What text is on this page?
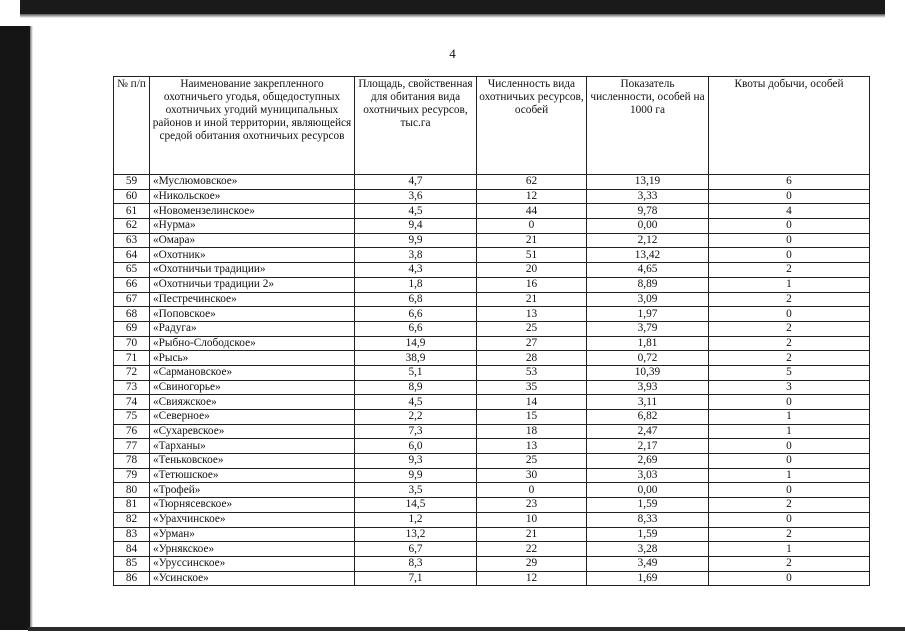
4
№ п/п	Наименование закрепленного охотничьего угодья, общедоступных охотничьих угодий муниципальных районов и иной территории, являющейся средой обитания охотничьих ресурсов	Площадь, свойственная для обитания вида охотничьих ресурсов, тыс.га	Численность вида охотничьих ресурсов, особей	Показатель численности, особей на 1000 га	Квоты добычи, особей
59	«Муслюмовское»	4,7	62	13,19	6
60	«Никольское»	3,6	12	3,33	0
61	«Новомензелинское»	4,5	44	9,78	4
62	«Нурма»	9,4	0	0,00	0
63	«Омара»	9,9	21	2,12	0
64	«Охотник»	3,8	51	13,42	0
65	«Охотничьи традиции»	4,3	20	4,65	2
66	«Охотничьи традиции 2»	1,8	16	8,89	1
67	«Пестречинское»	6,8	21	3,09	2
68	«Поповское»	6,6	13	1,97	0
69	«Радуга»	6,6	25	3,79	2
70	«Рыбно-Слободское»	14,9	27	1,81	2
71	«Рысь»	38,9	28	0,72	2
72	«Сармановское»	5,1	53	10,39	5
73	«Свиногорье»	8,9	35	3,93	3
74	«Свияжское»	4,5	14	3,11	0
75	«Северное»	2,2	15	6,82	1
76	«Сухаревское»	7,3	18	2,47	1
77	«Тарханы»	6,0	13	2,17	0
78	«Теньковское»	9,3	25	2,69	0
79	«Тетюшское»	9,9	30	3,03	1
80	«Трофей»	3,5	0	0,00	0
81	«Тюрнясевское»	14,5	23	1,59	2
82	«Урахчинское»	1,2	10	8,33	0
83	«Урман»	13,2	21	1,59	2
84	«Урнякское»	6,7	22	3,28	1
85	«Уруссинское»	8,3	29	3,49	2
86	«Усинское»	7,1	12	1,69	0
